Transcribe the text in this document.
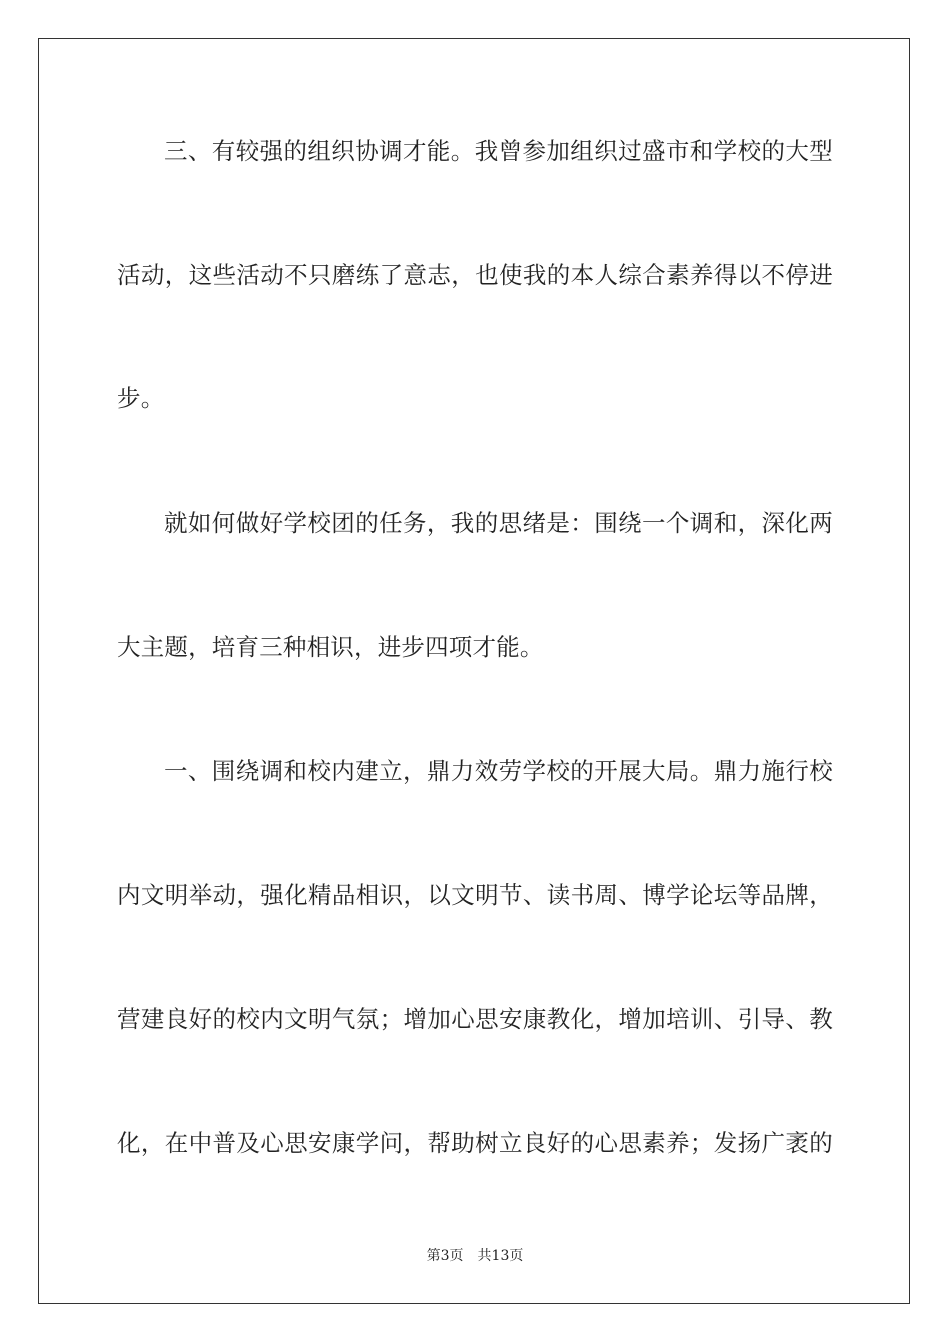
三、有较强的组织协调才能。我曾参加组织过盛市和学校的大型
活动，这些活动不只磨练了意志，也使我的本人综合素养得以不停进
步。
就如何做好学校团的任务，我的思绪是：围绕一个调和，深化两
大主题，培育三种相识，进步四项才能。
一、围绕调和校内建立，鼎力效劳学校的开展大局。鼎力施行校
内文明举动，强化精品相识，以文明节、读书周、博学论坛等品牌，
营建良好的校内文明气氛；增加心思安康教化，增加培训、引导、教
化，在中普及心思安康学问，帮助树立良好的心思素养；发扬广袤的
第3页 共13页
